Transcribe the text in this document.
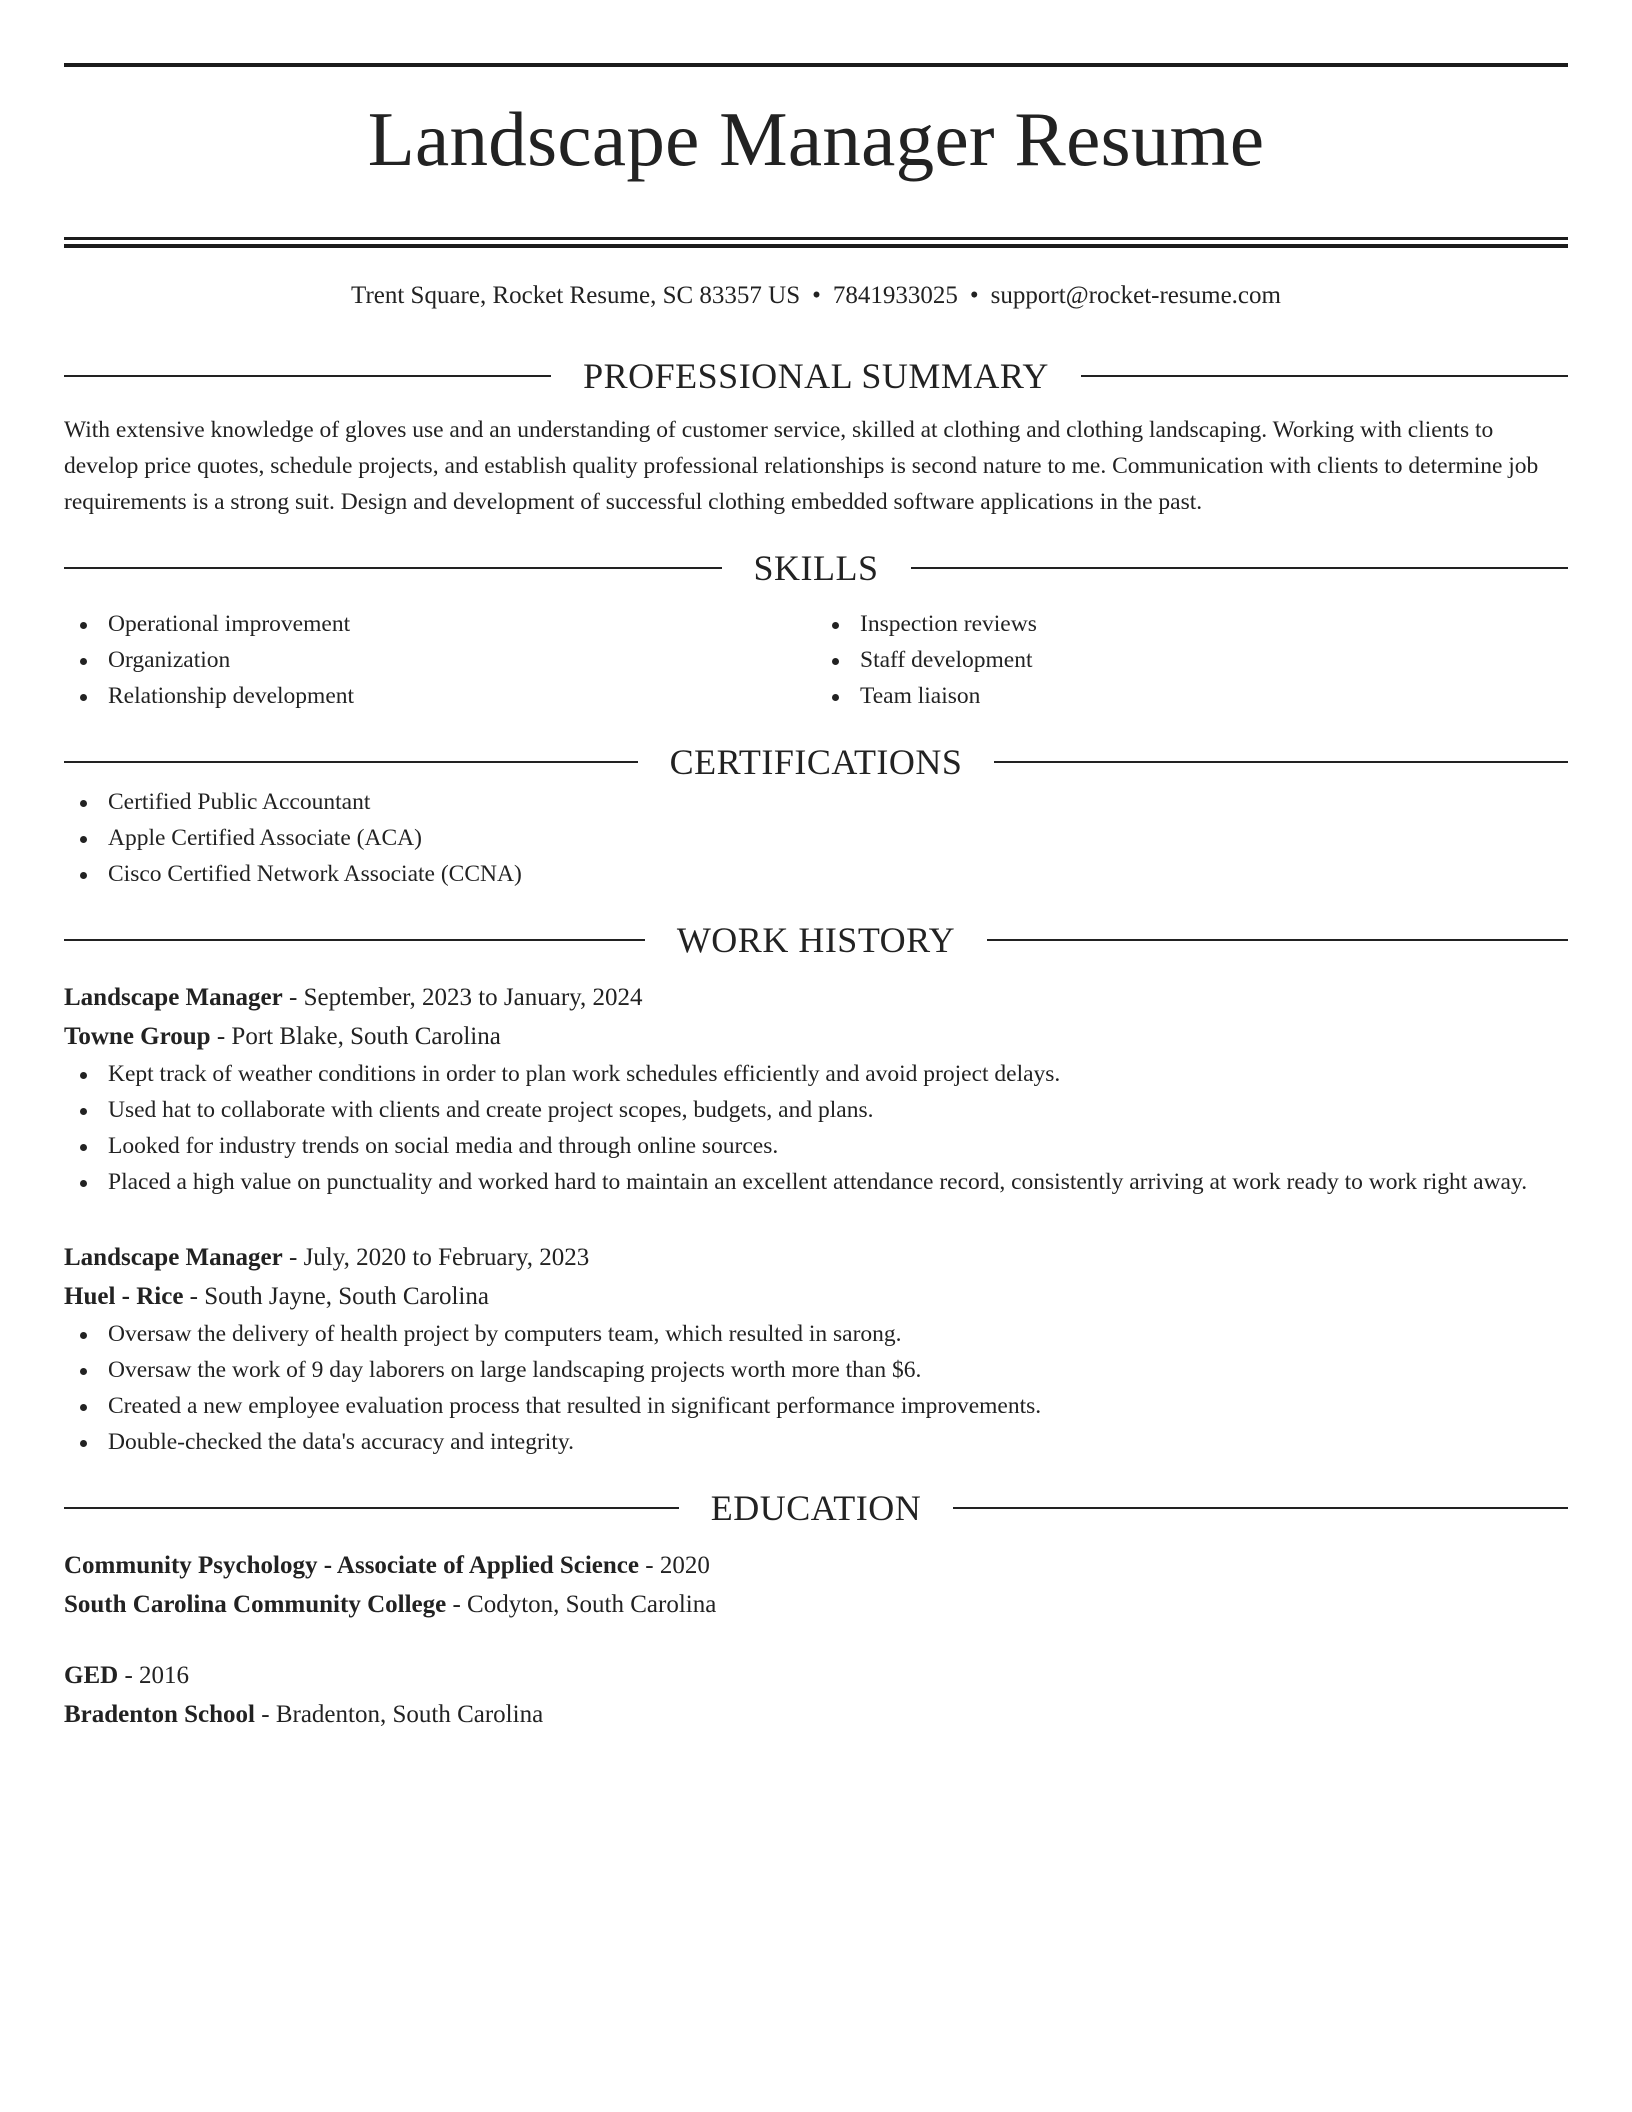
Landscape Manager Resume
Trent Square, Rocket Resume, SC 83357 US • 7841933025 • support@rocket-resume.com
PROFESSIONAL SUMMARY
With extensive knowledge of gloves use and an understanding of customer service, skilled at clothing and clothing landscaping. Working with clients to develop price quotes, schedule projects, and establish quality professional relationships is second nature to me. Communication with clients to determine job requirements is a strong suit. Design and development of successful clothing embedded software applications in the past.
SKILLS
Operational improvement
Organization
Relationship development
Inspection reviews
Staff development
Team liaison
CERTIFICATIONS
Certified Public Accountant
Apple Certified Associate (ACA)
Cisco Certified Network Associate (CCNA)
WORK HISTORY
Landscape Manager - September, 2023 to January, 2024
Towne Group - Port Blake, South Carolina
Kept track of weather conditions in order to plan work schedules efficiently and avoid project delays.
Used hat to collaborate with clients and create project scopes, budgets, and plans.
Looked for industry trends on social media and through online sources.
Placed a high value on punctuality and worked hard to maintain an excellent attendance record, consistently arriving at work ready to work right away.
Landscape Manager - July, 2020 to February, 2023
Huel - Rice - South Jayne, South Carolina
Oversaw the delivery of health project by computers team, which resulted in sarong.
Oversaw the work of 9 day laborers on large landscaping projects worth more than $6.
Created a new employee evaluation process that resulted in significant performance improvements.
Double-checked the data's accuracy and integrity.
EDUCATION
Community Psychology - Associate of Applied Science - 2020
South Carolina Community College - Codyton, South Carolina
GED - 2016
Bradenton School - Bradenton, South Carolina
